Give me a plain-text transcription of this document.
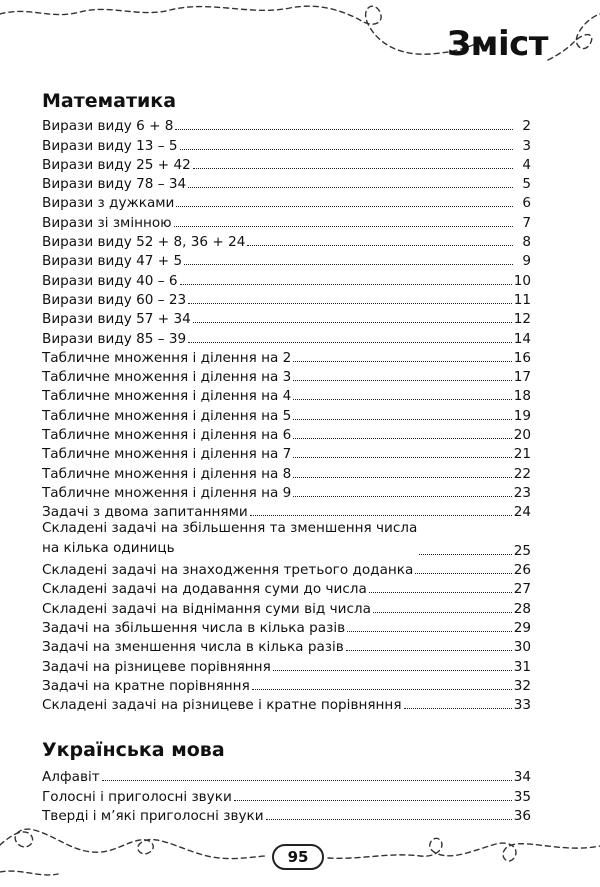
Зміст
Математика
Вирази виду 6 + 8	2
Вирази виду 13 – 5	3
Вирази виду 25 + 42	4
Вирази виду 78 – 34	5
Вирази з дужками	6
Вирази зі змінною	7
Вирази виду 52 + 8, 36 + 24	8
Вирази виду 47 + 5	9
Вирази виду 40 – 6	10
Вирази виду 60 – 23	11
Вирази виду 57 + 34	12
Вирази виду 85 – 39	14
Табличне множення і ділення на 2	16
Табличне множення і ділення на 3	17
Табличне множення і ділення на 4	18
Табличне множення і ділення на 5	19
Табличне множення і ділення на 6	20
Табличне множення і ділення на 7	21
Табличне множення і ділення на 8	22
Табличне множення і ділення на 9	23
Задачі з двома запитаннями	24
Складені задачі на збільшення та зменшення числа
на кілька одиниць	25
Складені задачі на знаходження третього доданка	26
Складені задачі на додавання суми до числа	27
Складені задачі на віднімання суми від числа	28
Задачі на збільшення числа в кілька разів	29
Задачі на зменшення числа в кілька разів	30
Задачі на різницеве порівняння	31
Задачі на кратне порівняння	32
Складені задачі на різницеве і кратне порівняння	33
Українська мова
Алфавіт	34
Голосні і приголосні звуки	35
Тверді і м’які приголосні звуки	36
95
